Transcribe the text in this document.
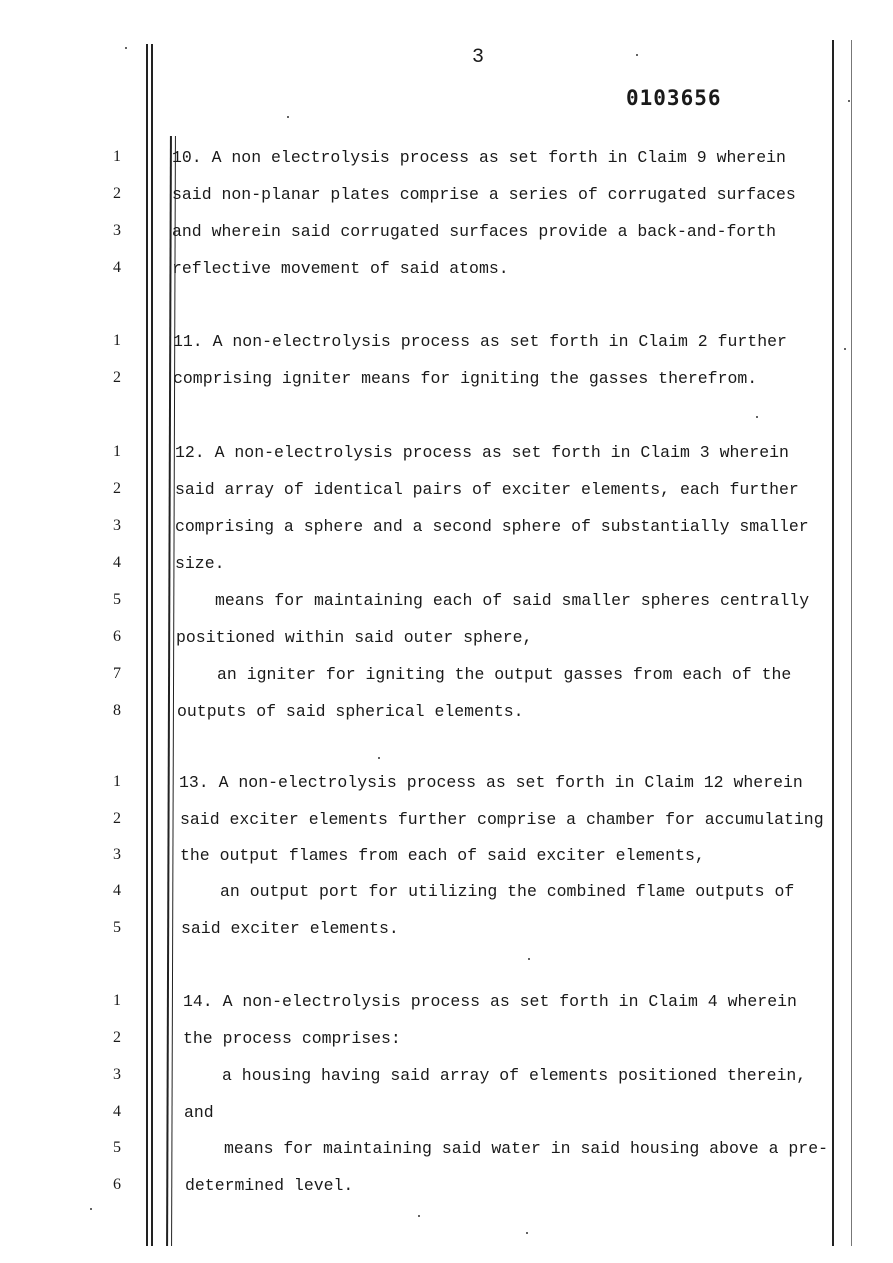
3
0103656
1	10. A non electrolysis process as set forth in Claim 9 wherein
2	said non-planar plates comprise a series of corrugated surfaces
3	and wherein said corrugated surfaces provide a back-and-forth
4	reflective movement of said atoms.
1	11. A non-electrolysis process as set forth in Claim 2 further
2	comprising igniter means for igniting the gasses therefrom.
1	12. A non-electrolysis process as set forth in Claim 3 wherein
2	said array of identical pairs of exciter elements, each further
3	comprising a sphere and a second sphere of substantially smaller
4	size.
5	means for maintaining each of said smaller spheres centrally
6	positioned within said outer sphere,
7	an igniter for igniting the output gasses from each of the
8	outputs of said spherical elements.
1	13. A non-electrolysis process as set forth in Claim 12 wherein
2	said exciter elements further comprise a chamber for accumulating
3	the output flames from each of said exciter elements,
4	an output port for utilizing the combined flame outputs of
5	said exciter elements.
1	14. A non-electrolysis process as set forth in Claim 4 wherein
2	the process comprises:
3	a housing having said array of elements positioned therein,
4	and
5	means for maintaining said water in said housing above a pre-
6	determined level.
